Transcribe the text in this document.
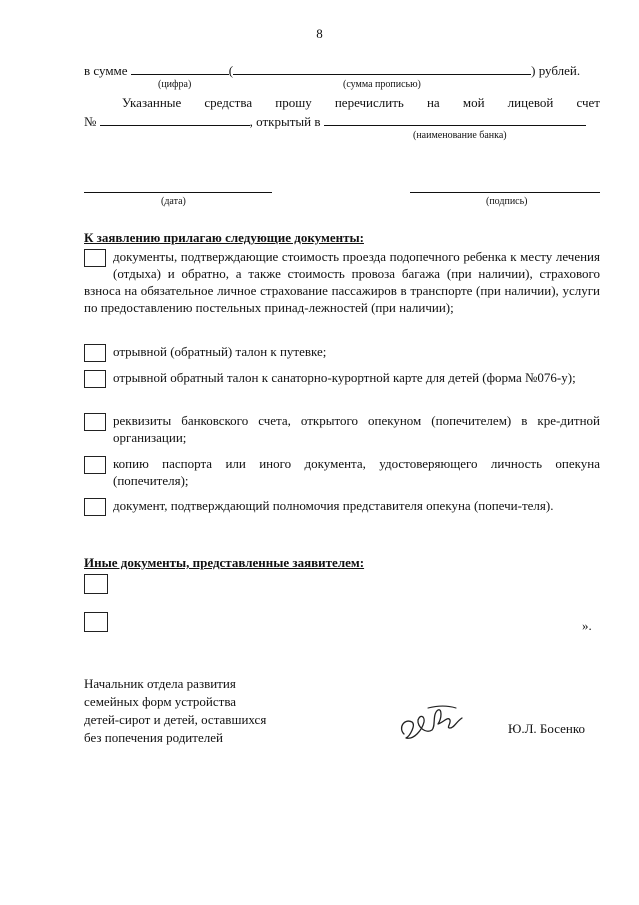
8
в сумме	(	) рублей.
(цифра)	(сумма прописью)
Указанные средства прошу перечислить на мой лицевой счет
№	, открытый в
(наименование банка)
(дата)	(подпись)
К заявлению прилагаю следующие документы:
документы, подтверждающие стоимость проезда подопечного ребенка к месту лечения (отдыха) и обратно, а также стоимость провоза багажа (при наличии), страхового взноса на обязательное личное страхование пассажиров в транспорте (при наличии), услуги по предоставлению постельных принад-лежностей (при наличии);
отрывной (обратный) талон к путевке;
отрывной обратный талон к санаторно-курортной карте для детей (форма №076-у);
реквизиты банковского счета, открытого опекуном (попечителем) в кре-дитной организации;
копию паспорта или иного документа, удостоверяющего личность опекуна (попечителя);
документ, подтверждающий полномочия представителя опекуна (попечи-теля).
Иные документы, представленные заявителем:
».
Начальник отдела развития
семейных форм устройства
детей-сирот и детей, оставшихся
без попечения родителей
Ю.Л. Босенко
